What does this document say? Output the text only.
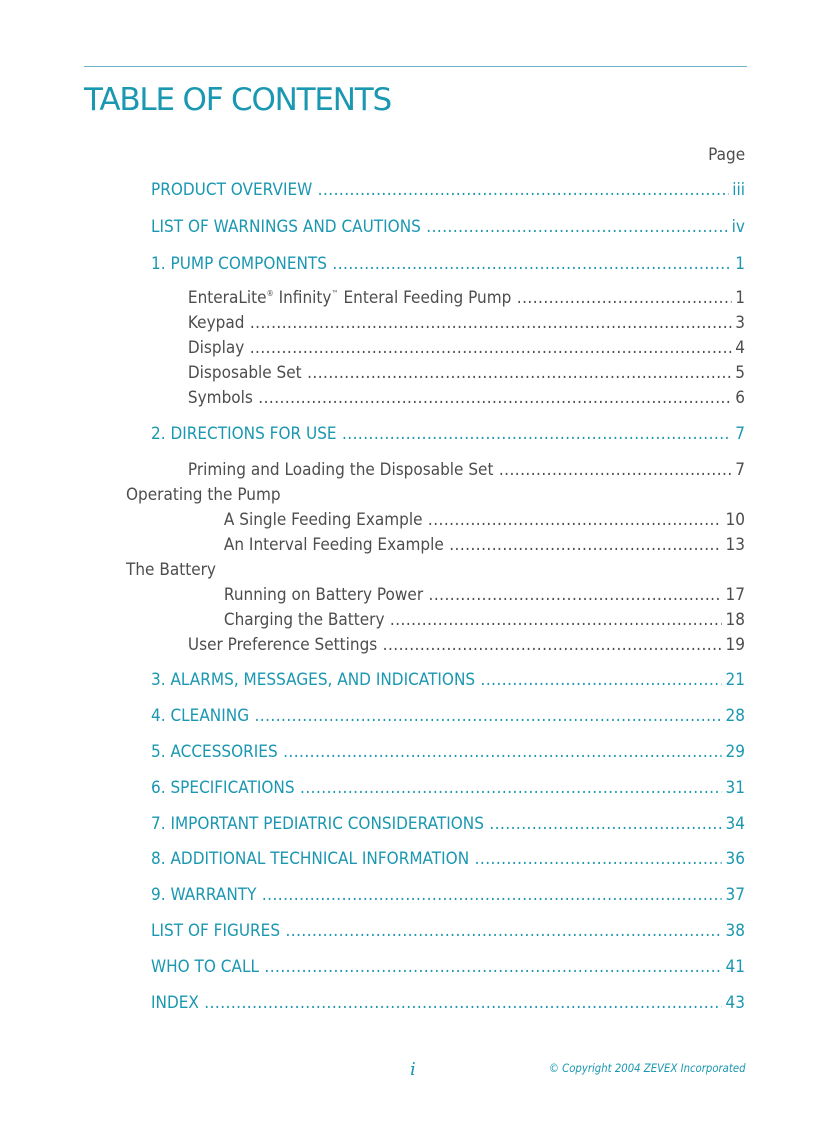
TABLE OF CONTENTS
Page
PRODUCT OVERVIEW .....	iii
LIST OF WARNINGS AND CAUTIONS .....	iv
1. PUMP COMPONENTS .....	1
EnteraLite® Infinity™ Enteral Feeding Pump .....	1
Keypad .....	3
Display .....	4
Disposable Set .....	5
Symbols .....	6
2. DIRECTIONS FOR USE .....	7
Priming and Loading the Disposable Set .....	7
Operating the Pump
A Single Feeding Example .....	10
An Interval Feeding Example .....	13
The Battery
Running on Battery Power .....	17
Charging the Battery .....	18
User Preference Settings .....	19
3. ALARMS, MESSAGES, AND INDICATIONS .....	21
4. CLEANING .....	28
5. ACCESSORIES .....	29
6. SPECIFICATIONS .....	31
7. IMPORTANT PEDIATRIC CONSIDERATIONS .....	34
8. ADDITIONAL TECHNICAL INFORMATION .....	36
9. WARRANTY .....	37
LIST OF FIGURES .....	38
WHO TO CALL .....	41
INDEX .....	43
i	© Copyright 2004 ZEVEX Incorporated
